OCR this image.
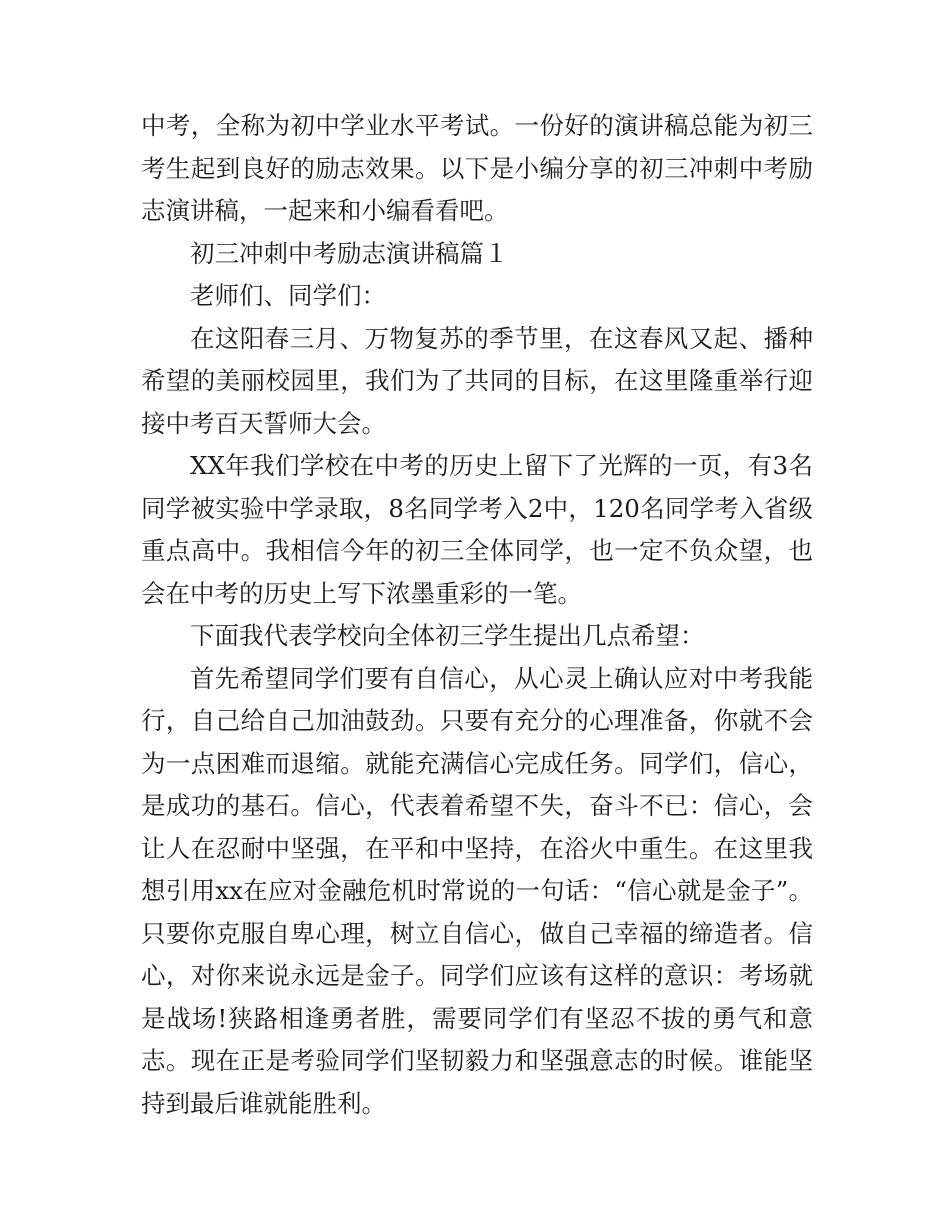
中考，全称为初中学业水平考试。一份好的演讲稿总能为初三考生起到良好的励志效果。以下是小编分享的初三冲刺中考励志演讲稿，一起来和小编看看吧。

初三冲刺中考励志演讲稿篇１

老师们、同学们：

在这阳春三月、万物复苏的季节里，在这春风又起、播种希望的美丽校园里，我们为了共同的目标，在这里隆重举行迎接中考百天誓师大会。

XX年我们学校在中考的历史上留下了光辉的一页，有3名同学被实验中学录取，8名同学考入2中，120名同学考入省级重点高中。我相信今年的初三全体同学，也一定不负众望，也会在中考的历史上写下浓墨重彩的一笔。

下面我代表学校向全体初三学生提出几点希望：

首先希望同学们要有自信心，从心灵上确认应对中考我能行，自己给自己加油鼓劲。只要有充分的心理准备，你就不会为一点困难而退缩。就能充满信心完成任务。同学们，信心，是成功的基石。信心，代表着希望不失，奋斗不已：信心，会让人在忍耐中坚强，在平和中坚持，在浴火中重生。在这里我想引用xx在应对金融危机时常说的一句话：“信心就是金子”。只要你克服自卑心理，树立自信心，做自己幸福的缔造者。信心，对你来说永远是金子。同学们应该有这样的意识：考场就是战场!狭路相逢勇者胜，需要同学们有坚忍不拔的勇气和意志。现在正是考验同学们坚韧毅力和坚强意志的时候。谁能坚持到最后谁就能胜利。
